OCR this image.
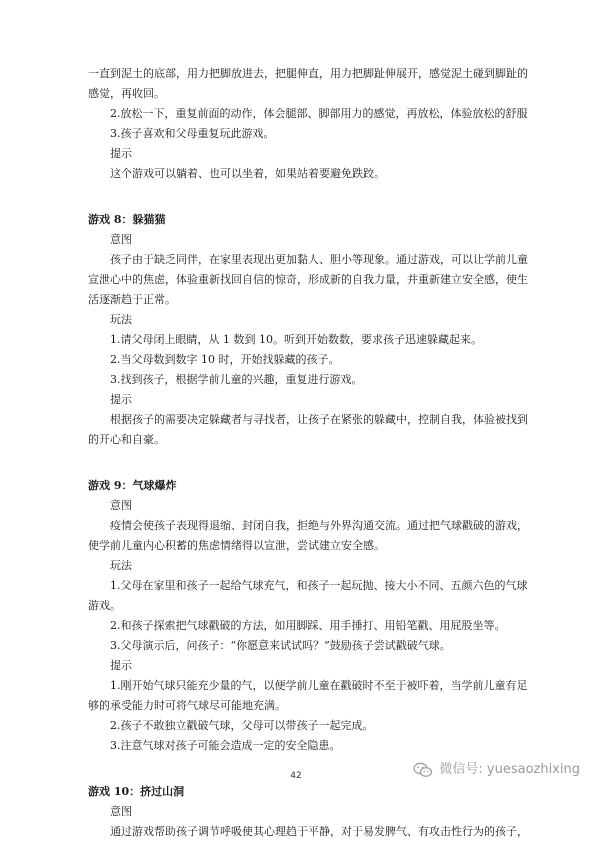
一直到泥土的底部，用力把脚放进去，把腿伸直，用力把脚趾伸展开，感觉泥土碰到脚趾的

感觉，再收回。

2.放松一下，重复前面的动作，体会腿部、脚部用力的感觉，再放松，体验放松的舒服

3.孩子喜欢和父母重复玩此游戏。

提示

这个游戏可以躺着、也可以坐着，如果站着要避免跌跤。

游戏 8：躲猫猫

意图

孩子由于缺乏同伴，在家里表现出更加黏人、胆小等现象。通过游戏，可以让学前儿童

宣泄心中的焦虑，体验重新找回自信的惊奇，形成新的自我力量，并重新建立安全感，使生

活逐渐趋于正常。

玩法

1.请父母闭上眼睛，从 1 数到 10。听到开始数数，要求孩子迅速躲藏起来。

2.当父母数到数字 10 时，开始找躲藏的孩子。

3.找到孩子，根据学前儿童的兴趣，重复进行游戏。

提示

根据孩子的需要决定躲藏者与寻找者，让孩子在紧张的躲藏中，控制自我，体验被找到

的开心和自豪。

游戏 9：气球爆炸

意图

疫情会使孩子表现得退缩、封闭自我，拒绝与外界沟通交流。通过把气球戳破的游戏，

使学前儿童内心积蓄的焦虑情绪得以宣泄，尝试建立安全感。

玩法

1.父母在家里和孩子一起给气球充气，和孩子一起玩抛、接大小不同、五颜六色的气球

游戏。

2.和孩子探索把气球戳破的方法，如用脚踩、用手捶打、用铅笔戳、用屁股坐等。

3.父母演示后，问孩子：“你愿意来试试吗？”鼓励孩子尝试戳破气球。

提示

1.刚开始气球只能充少量的气，以便学前儿童在戳破时不至于被吓着，当学前儿童有足

够的承受能力时可将气球尽可能地充满。

2.孩子不敢独立戳破气球，父母可以带孩子一起完成。

3.注意气球对孩子可能会造成一定的安全隐患。

游戏 10：挤过山洞

意图

通过游戏帮助孩子调节呼吸使其心理趋于平静，对于易发脾气、有攻击性行为的孩子，

42	微信号: yuesaozhixing
